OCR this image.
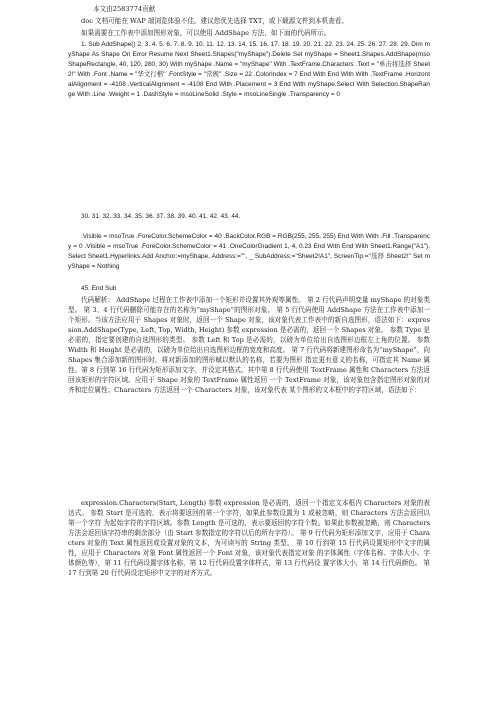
本文由2583774贡献

doc 文档可能在 WAP 端浏览体验不佳。建议您优先选择 TXT，或下载源文件到本机查看。

如果需要在工作表中添加图形对象，可以使用 AddShape 方法，如下面的代码所示。

1. Sub AddShape() 2. 3. 4. 5. 6. 7. 8. 9. 10. 11. 12. 13. 14. 15. 16. 17. 18. 19. 20. 21. 22. 23. 24. 25. 26. 27. 28. 29. Dim myShape As Shape On Error Resume Next Sheet1.Shapes("myShape").Delete Set myShape = Sheet1.Shapes.AddShape(msoShapeRectangle, 40, 120, 280, 30) With myShape .Name = "myShape" With .TextFrame.Characters .Text = "单击将选择 Sheet2!" With .Font .Name = "华文行楷" .FontStyle = "常规" .Size = 22 .ColorIndex = 7 End With End With With .TextFrame .HorizontalAlignment = -4108 .VerticalAlignment = -4108 End With .Placement = 3 End With myShape.Select With Selection.ShapeRange With .Line .Weight = 1 .DashStyle = msoLineSolid .Style = msoLineSingle .Transparency = 0

30. 31. 32. 33. 34. 35. 36. 37. 38. 39. 40. 41. 42. 43. 44.

.Visible = msoTrue .ForeColor.SchemeColor = 40 .BackColor.RGB = RGB(255, 255, 255) End With With .Fill .Transparency = 0 .Visible = msoTrue .ForeColor.SchemeColor = 41 .OneColorGradient 1, 4, 0.23 End With End With Sheet1.Range("A1").Select Sheet1.Hyperlinks.Add Anchor:=myShape, Address:="", _ SubAddress:="Sheet2!A1", ScreenTip:="选择 Sheet2!" Set myShape = Nothing

45. End Sub

代码解析： AddShape 过程在工作表中添加一个矩形并设置其外观等属性。 第 2 行代码声明变量 myShape 的对象类型。 第 3、4 行代码删除可能存在的名称为“myShape”的图形对象。 第 5 行代码使用 AddShape 方法在工作表中添加一个矩形。当该方法应用于 Shapes 对象时，返回一个 Shape 对象，该对象代表工作表中的新自选图形，语法如下：expression.AddShape(Type, Left, Top, Width, Height) 参数 expression 是必需的，返回一个 Shapes 对象。 参数 Type 是必需的，指定要创建的自选图形的类型。 参数 Left 和 Top 是必需的，以磅为单位给出自选图形边框左上角的位置。 参数 Width 和 Height 是必需的，以磅为单位给出自选图形边框的宽度和高度。 第 7 行代码将新建图形命名为“myShape”，向 Shapes 集合添加新的图形时，将对新添加的图形赋以默认的名称，若要为图形 指定更有意义的名称，可指定其 Name 属性。第 8 行到第 16 行代码为矩形添加文字，并设定其格式。其中第 8 行代码使用 TextFrame 属性和 Characters 方法返回该矩形的字符区域。应用于 Shape 对象的 TextFrame 属性返回 一个 TextFrame 对象，该对象包含指定图形对象的对齐和定位属性；Characters 方法返回一个 Characters 对象，该对象代表 某个图形的文本框中的字符区域，语法如下：

expression.Characters(Start, Length) 参数 expression 是必需的，返回一个指定文本框内 Characters 对象的表达式。 参数 Start 是可选的，表示将要返回的第一个字符，如果此参数设置为 1 或被忽略，则 Characters 方法会返回以第一个字符 为起始字符的字符区域。参数 Length 是可选的，表示要返回的字符个数。如果此参数被忽略，则 Characters 方法会返回该字符串的剩余部分（由 Start 参数指定的字符以后的所有字符）。 第 9 行代码为矩形添加文字，应用于 Characters 对象的 Text 属性返回或设置对象的文本，为可读写的 String 类型。 第 10 行到第 15 行代码设置矩形中文字的属性，应用于 Characters 对象 Font 属性返回一个 Font 对象，该对象代表指定对象 的字体属性（字体名称、字体大小、字体颜色等），第 11 行代码设置字体名称，第 12 行代码设置字体样式，第 13 行代码设 置字体大小，第 14 行代码颜色。 第 17 行到第 20 行代码设定矩形中文字的对齐方式。
